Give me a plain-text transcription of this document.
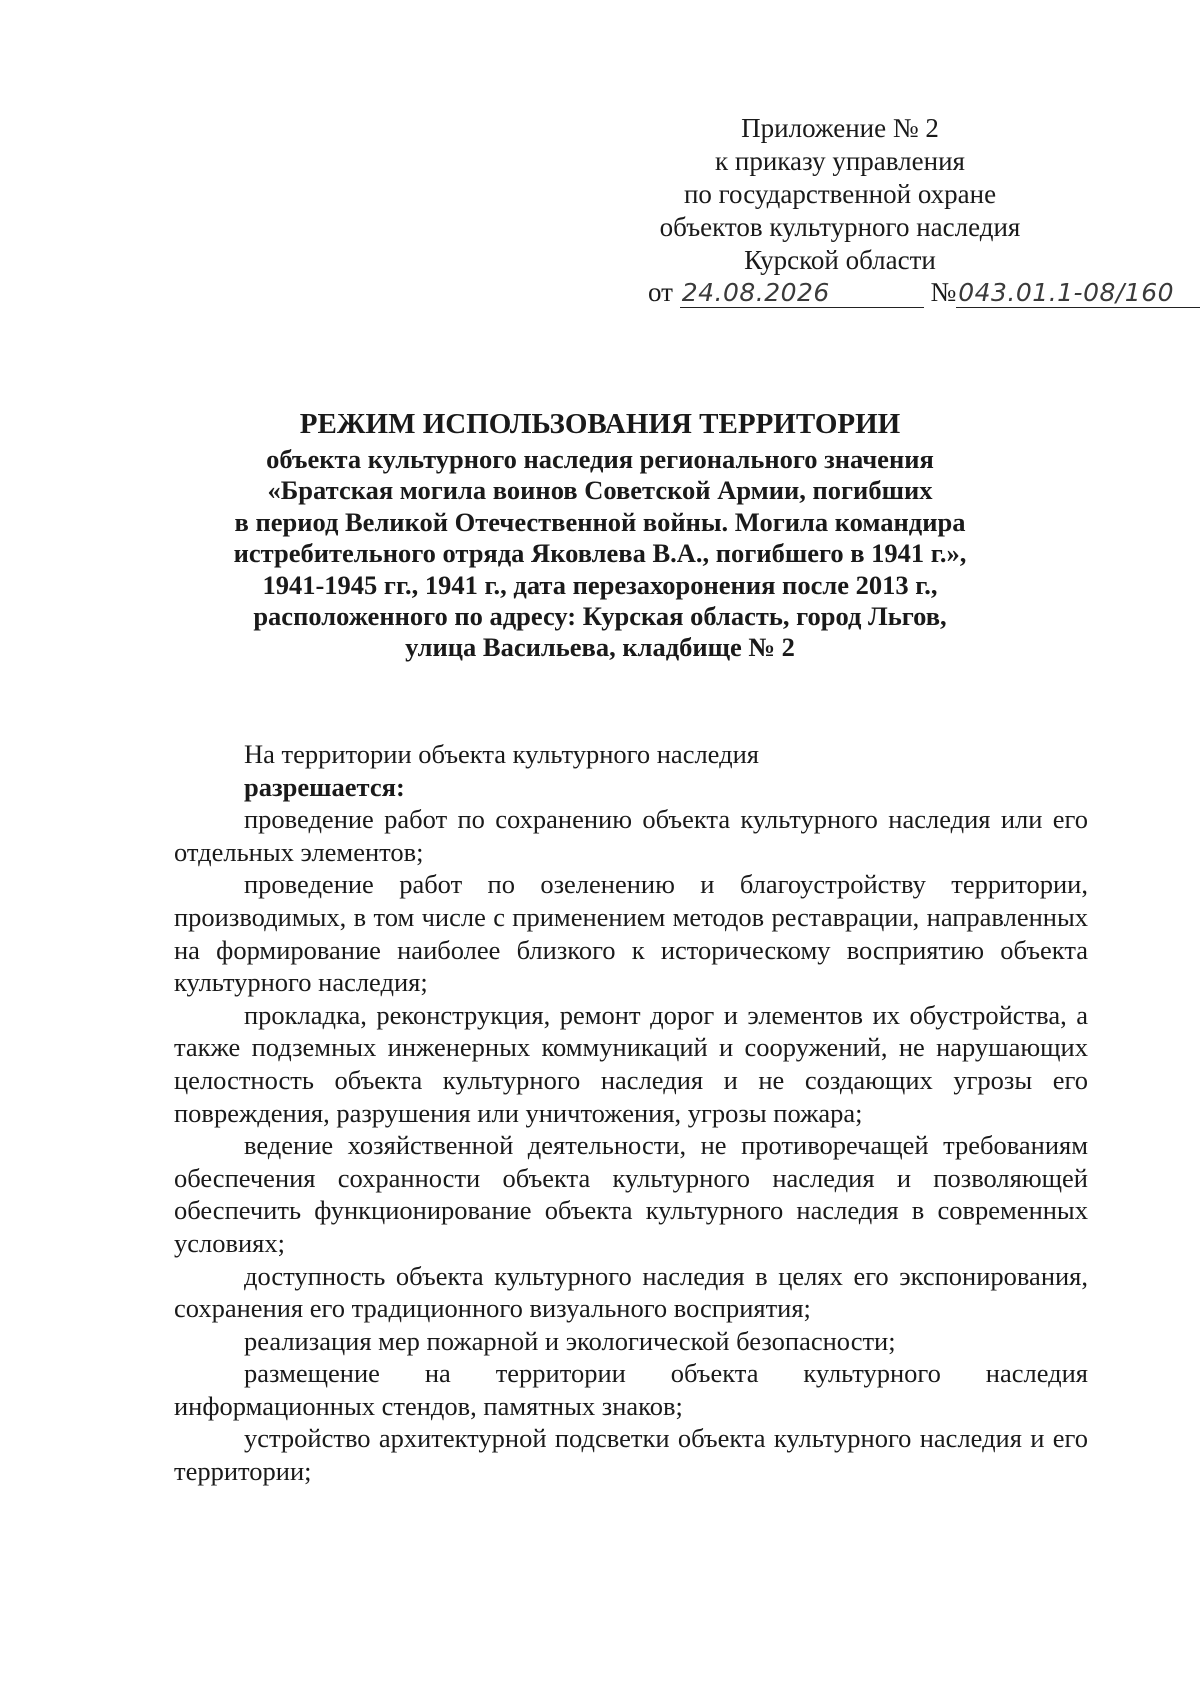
Приложение № 2
к приказу управления
по государственной охране
объектов культурного наследия
Курской области
от 24.08.2026	№043.01.1-08/160
РЕЖИМ ИСПОЛЬЗОВАНИЯ ТЕРРИТОРИИ
объекта культурного наследия регионального значения
«Братская могила воинов Советской Армии, погибших
в период Великой Отечественной войны. Могила командира
истребительного отряда Яковлева В.А., погибшего в 1941 г.»,
1941-1945 гг., 1941 г., дата перезахоронения после 2013 г.,
расположенного по адресу: Курская область, город Льгов,
улица Васильева, кладбище № 2

На территории объекта культурного наследия

разрешается:

проведение работ по сохранению объекта культурного наследия или его отдельных элементов;

проведение работ по озеленению и благоустройству территории, производимых, в том числе с применением методов реставрации, направленных на формирование наиболее близкого к историческому восприятию объекта культурного наследия;

прокладка, реконструкция, ремонт дорог и элементов их обустройства, а также подземных инженерных коммуникаций и сооружений, не нарушающих целостность объекта культурного наследия и не создающих угрозы его повреждения, разрушения или уничтожения, угрозы пожара;

ведение хозяйственной деятельности, не противоречащей требованиям обеспечения сохранности объекта культурного наследия и позволяющей обеспечить функционирование объекта культурного наследия в современных условиях;

доступность объекта культурного наследия в целях его экспонирования, сохранения его традиционного визуального восприятия;

реализация мер пожарной и экологической безопасности;

размещение на территории объекта культурного наследия информационных стендов, памятных знаков;

устройство архитектурной подсветки объекта культурного наследия и его территории;
